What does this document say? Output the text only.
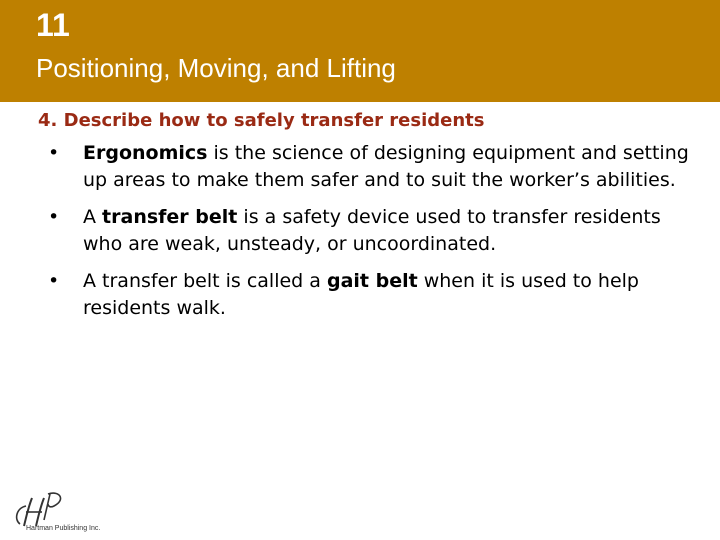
11
Positioning, Moving, and Lifting
4. Describe how to safely transfer residents
• Ergonomics is the science of designing equipment and setting up areas to make them safer and to suit the worker’s abilities.
• A transfer belt is a safety device used to transfer residents who are weak, unsteady, or uncoordinated.
• A transfer belt is called a gait belt when it is used to help residents walk.
Hartman Publishing Inc.
